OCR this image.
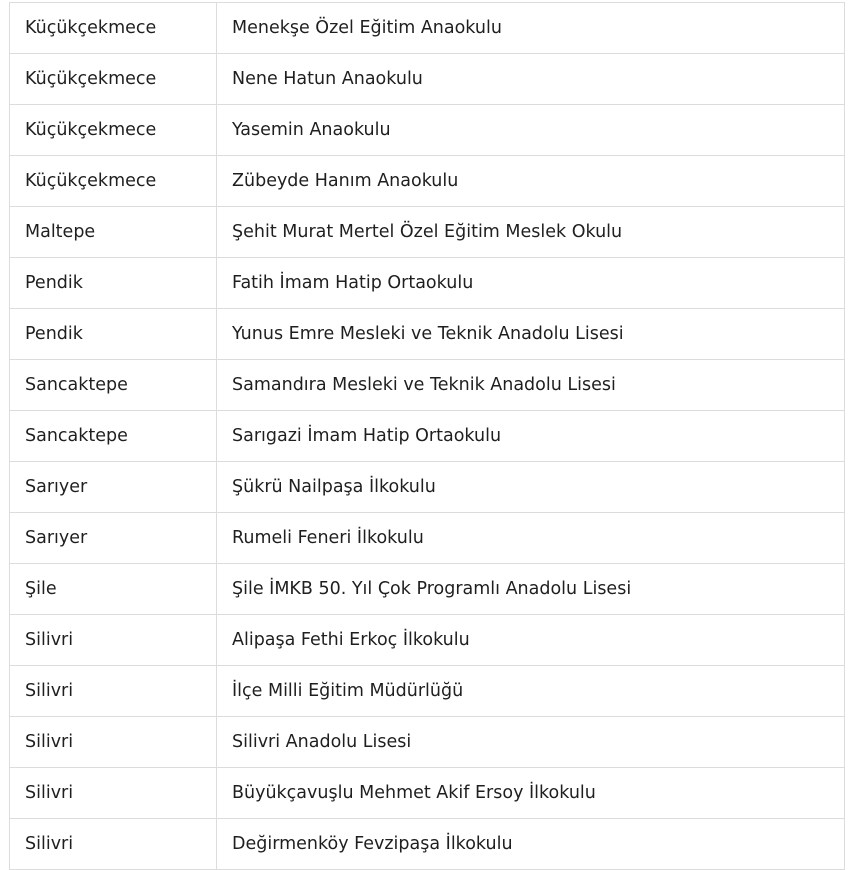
Küçükçekmece	Menekşe Özel Eğitim Anaokulu
Küçükçekmece	Nene Hatun Anaokulu
Küçükçekmece	Yasemin Anaokulu
Küçükçekmece	Zübeyde Hanım Anaokulu
Maltepe	Şehit Murat Mertel Özel Eğitim Meslek Okulu
Pendik	Fatih İmam Hatip Ortaokulu
Pendik	Yunus Emre Mesleki ve Teknik Anadolu Lisesi
Sancaktepe	Samandıra Mesleki ve Teknik Anadolu Lisesi
Sancaktepe	Sarıgazi İmam Hatip Ortaokulu
Sarıyer	Şükrü Nailpaşa İlkokulu
Sarıyer	Rumeli Feneri İlkokulu
Şile	Şile İMKB 50. Yıl Çok Programlı Anadolu Lisesi
Silivri	Alipaşa Fethi Erkoç İlkokulu
Silivri	İlçe Milli Eğitim Müdürlüğü
Silivri	Silivri Anadolu Lisesi
Silivri	Büyükçavuşlu Mehmet Akif Ersoy İlkokulu
Silivri	Değirmenköy Fevzipaşa İlkokulu
